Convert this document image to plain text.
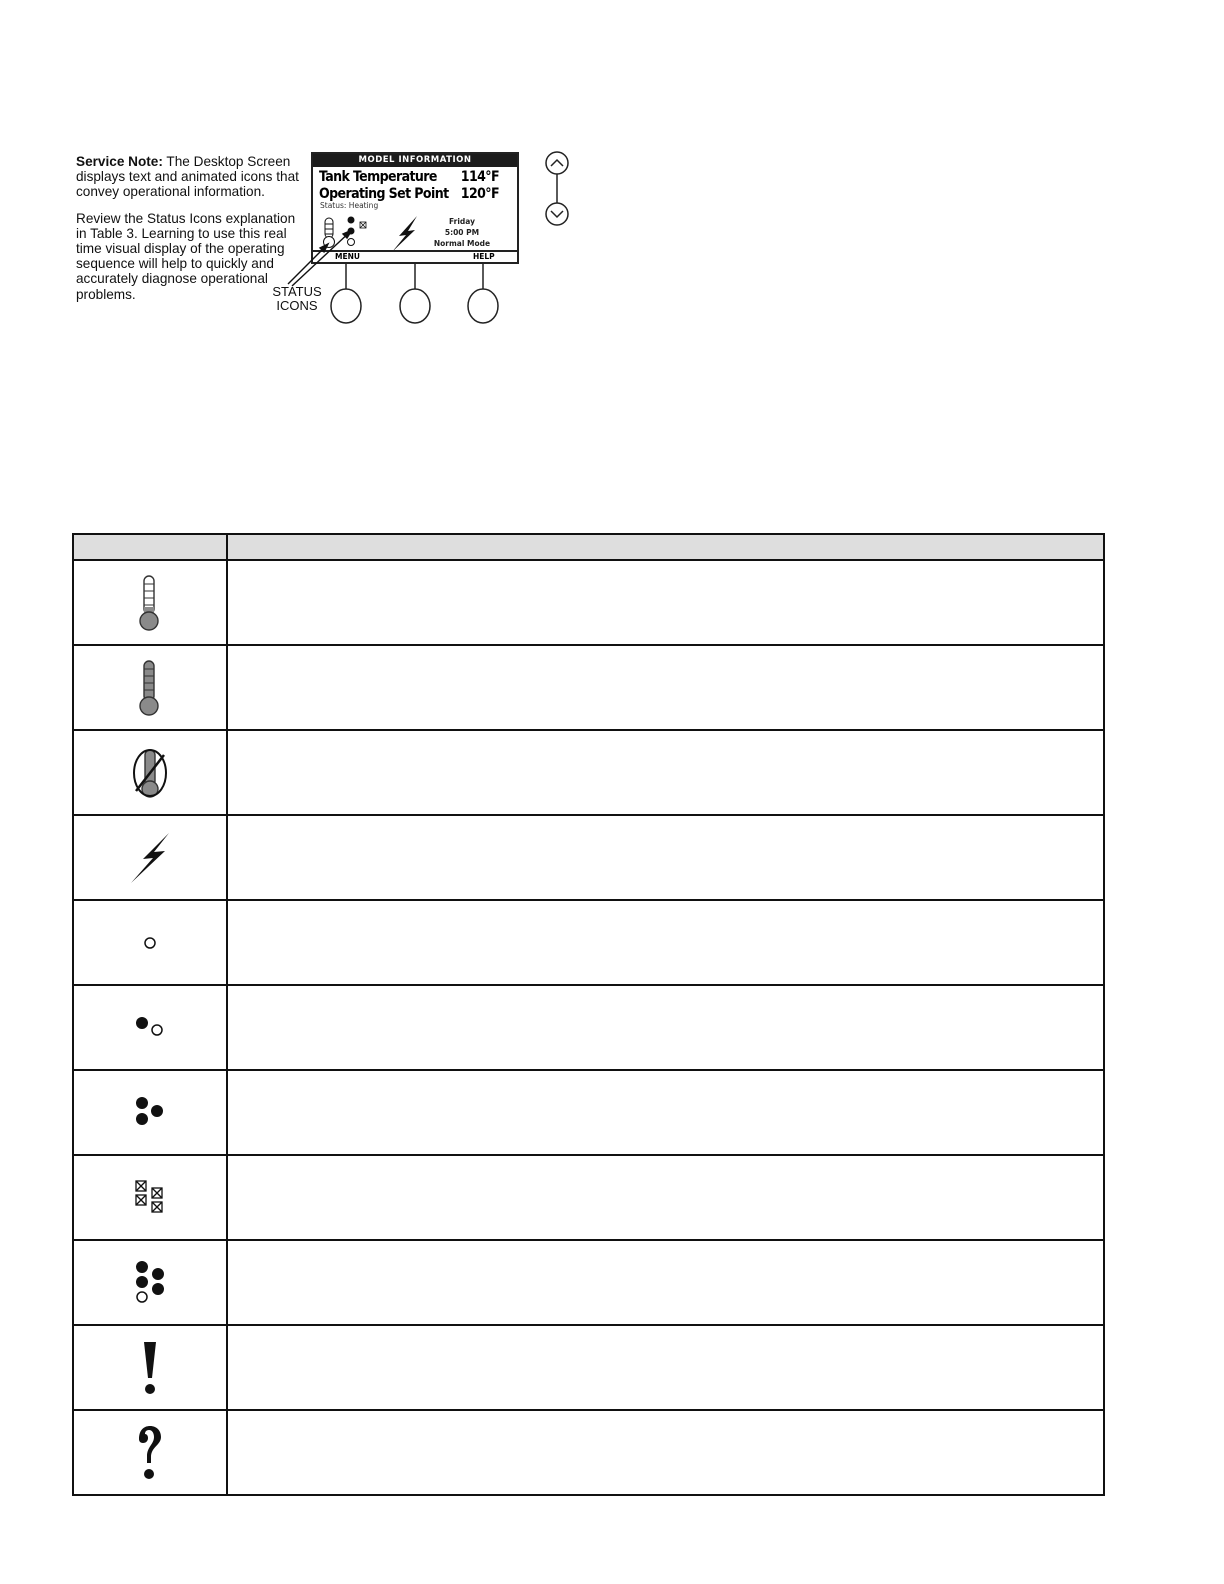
Service Note: The Desktop Screen displays text and animated icons that convey operational information.

Review the Status Icons explanation in Table 3. Learning to use this real time visual display of the operating sequence will help to quickly and accurately diagnose operational problems.

MODEL INFORMATION
Tank Temperature 114°F
Operating Set Point 120°F
Status: Heating
Friday
5:00 PM
Normal Mode
MENU	HELP
STATUS
ICONS
